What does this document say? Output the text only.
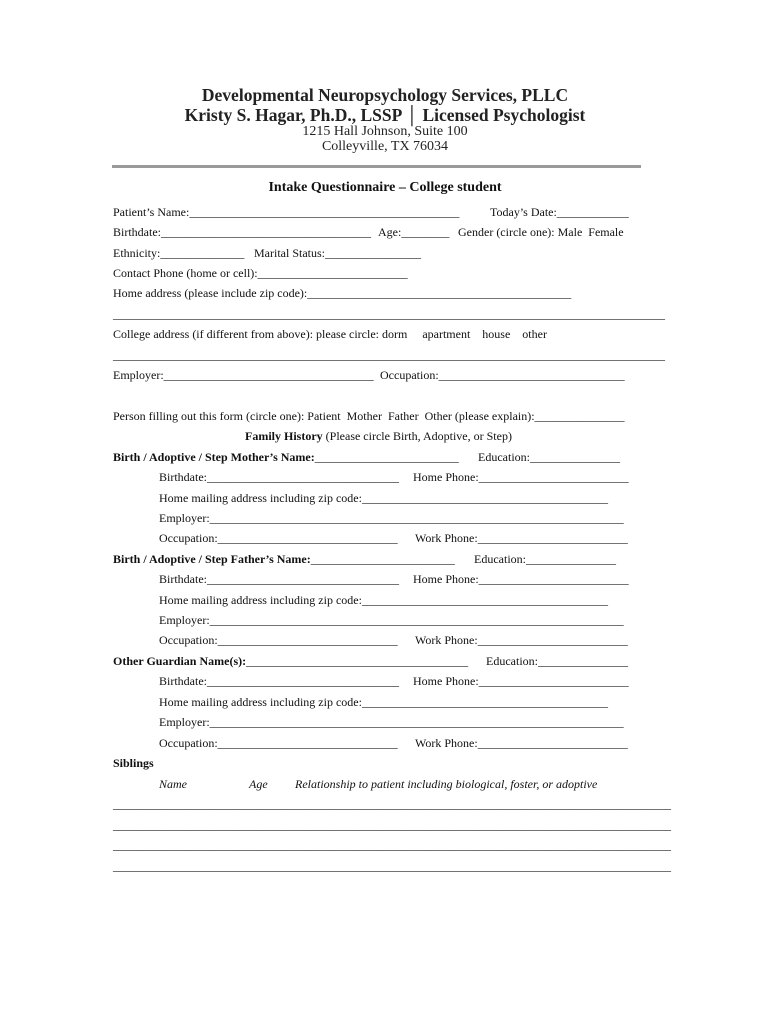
Developmental Neuropsychology Services, PLLC
Kristy S. Hagar, Ph.D., LSSP │ Licensed Psychologist
1215 Hall Johnson, Suite 100
Colleyville, TX 76034
Intake Questionnaire – College student
Patient’s Name:_____________________________________________	Today’s Date:____________
Birthdate:___________________________________ Age:________ Gender (circle one): Male  Female
Ethnicity:______________ Marital Status:________________
Contact Phone (home or cell):_________________________
Home address (please include zip code):____________________________________________
____________________________________________________________________________________________
College address (if different from above): please circle: dorm     apartment    house    other
____________________________________________________________________________________________
Employer:___________________________________ Occupation:_______________________________
Person filling out this form (circle one): Patient  Mother  Father  Other (please explain):_______________
Family History (Please circle Birth, Adoptive, or Step)
Birth / Adoptive / Step Mother’s Name:________________________ Education:_______________
Birthdate:________________________________ Home Phone:_________________________
Home mailing address including zip code:_________________________________________
Employer:_____________________________________________________________________
Occupation:______________________________ Work Phone:_________________________
Birth / Adoptive / Step Father’s Name:________________________ Education:_______________
Birthdate:________________________________ Home Phone:_________________________
Home mailing address including zip code:_________________________________________
Employer:_____________________________________________________________________
Occupation:______________________________ Work Phone:_________________________
Other Guardian Name(s):_____________________________________ Education:_______________
Birthdate:________________________________ Home Phone:_________________________
Home mailing address including zip code:_________________________________________
Employer:_____________________________________________________________________
Occupation:______________________________ Work Phone:_________________________
Siblings
Name	Age Relationship to patient including biological, foster, or adoptive
_____________________________________________________________________________________________
_____________________________________________________________________________________________
_____________________________________________________________________________________________
_____________________________________________________________________________________________
